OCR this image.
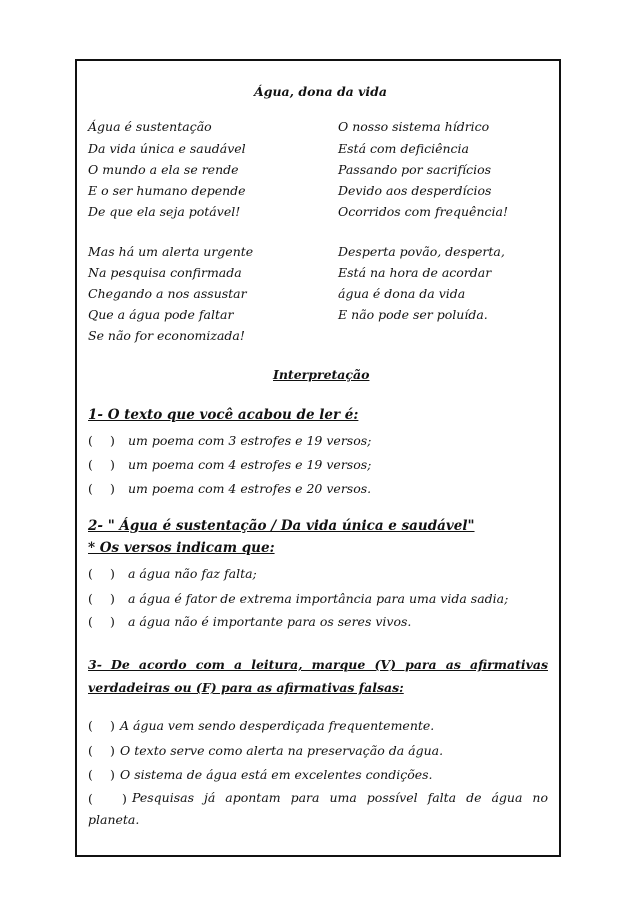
Água, dona da vida
Água é sustentação
Da vida única e saudável
O mundo a ela se rende
E o ser humano depende
De que ela seja potável!
O nosso sistema hídrico
Está com deficiência
Passando por sacrifícios
Devido aos desperdícios
Ocorridos com frequência!
Mas há um alerta urgente
Na pesquisa confirmada
Chegando a nos assustar
Que a água pode faltar
Se não for economizada!
Desperta povão, desperta,
Está na hora de acordar
água é dona da vida
E não pode ser poluída.
Interpretação
1- O texto que você acabou de ler é:
( ) um poema com 3 estrofes e 19 versos;
( ) um poema com 4 estrofes e 19 versos;
( ) um poema com 4 estrofes e 20 versos.
2- " Água é sustentação / Da vida única e saudável"
* Os versos indicam que:
( ) a água não faz falta;
( ) a água é fator de extrema importância para uma vida sadia;
( ) a água não é importante para os seres vivos.
3- De acordo com a leitura, marque (V) para as afirmativas verdadeiras ou (F) para as afirmativas falsas:
( ) A água vem sendo desperdiçada frequentemente.
( ) O texto serve como alerta na preservação da água.
( ) O sistema de água está em excelentes condições.
( ) Pesquisas já apontam para uma possível falta de água no planeta.
